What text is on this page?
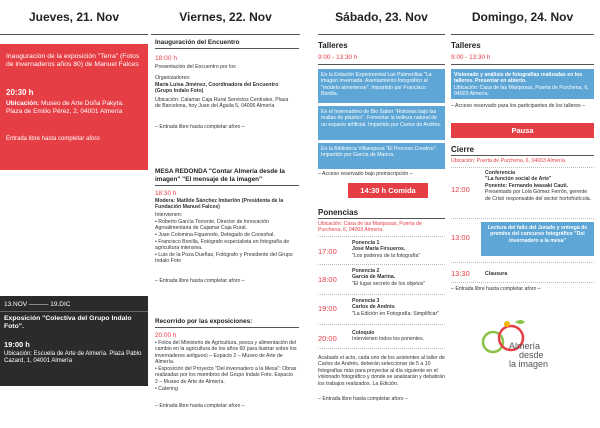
Jueves, 21. Nov
Inauguración de la exposición "Terra" (Fotos de invernaderos años 80) de Manuel Falces
20:30 h
Ubicación: Museo de Arte Doña Pakyta. Plaza de Emilio Pérez, 2, 04001 Almería
Entrada libre hasta completar aforo
13.NOV ——— 19.DIC
Exposición "Colectiva del Grupo Indalo Foto".
19:00 h
Ubicación: Escuela de Arte de Almería. Plaza Pablo Cazard, 1, 04001 Almería
Viernes, 22. Nov
Inauguración del Encuentro
18:00 h
Presentación del Encuentro por los
Organizadores:
María Luisa Jiménez, Coordinadora del Encuentro (Grupo Indalo Foto)
Ubicación: Calamar Caja Rural Servicios Centrales, Plaza de Barcelona, hoy Juan del Águila 5, 04006 Almería
– Entrada libre hasta completar aforo –
MESA REDONDA "Contar Almería desde la imagen" "El mensaje de la imagen"
18:30 h
Modera: Matilde Sánchez Imberlón (Presidenta de la Fundación Manuel Falces)
Intervienen:
• Roberto García Torrente, Director de Innovación Agroalimentaria de Cajamar Caja Rural.
• Juan Colomina Figueredo, Delegado de Cooxohal.
• Francisco Bonilla, Fotógrafo especialista en fotografía de agricultura intensiva.
• Luis de la Poza Dueñas, Fotógrafo y Presidente del Grupo Indalo Foto
– Entrada libre hasta completar aforo –
Recorrido por las exposiciones:
20:00 h
• Fotos del Ministerio de Agricultura, pesca y alimentación del cambio en la agricultura de los años 60 para ilustrar sobre los invernaderos antiguos) – Espacio 2 – Museo de Arte de Almería.
• Exposición del Proyecto "Del invernadero a la Mesa": Obras realizadas por los miembros del Grupo Indalo Foto. Espacio 2 – Museo de Arte de Almería.
• Catering
– Entrada libre hasta completar aforo –
Sábado, 23. Nov
Talleres
9:00 - 13:30 h
En la Estación Experimental Las Palmerillas "La imagen invernada. Aventamiento fotográfico al "modelo almeriense". Impartido por Francisco Bonilla.
En el Invernadero de Bio Sabor "Historias bajo las mallas de plástico". Fomentar la belleza natural de un espacio artificial. Impartido por Carlos de Andrés.
En la Biblioteca Villaespesa "El Proceso Creativo". Impartido por García de Marina.
– Acceso reservado bajo preinscripción –
14:30 h Comida
Ponencias
Ubicación: Casa de las Mariposas, Puerta de Purchena, 6, 04003 Almería.
17:00
Ponencia 1
José María Firsueros.
"Los poderes de la fotografía"
18:00
Ponencia 2
García de Marina.
"El lugar secreto de los objetos"
19:00
Ponencia 3
Carlos de Andrés
"La Edición en Fotografía: Simplificar"
20:00
Coloquio
Intervienen todos los ponentes.
Acabado el acto, cada uno de los asistentes al taller de Carlos de Andrés, deberán seleccionar de 5 a 10 fotografías más para proyectar al día siguiente en el visionado fotográfico y donde se analizarán y debatirán los trabajos realizados. La Edición.
– Entrada libre hasta completar aforo –
Domingo, 24. Nov
Talleres
9:00 - 13:30 h
Visionado y análisis de fotografías realizadas en los talleres. Presentar en abierto.
Ubicación: Casa de las Mariposas, Puerta de Purchena, 6, 04003 Almería.
– Acceso reservado para los participantes de los talleres –
Pausa
Cierre
Ubicación: Puerta de Purchena, 6, 04003 Almería.
12:00
Conferencia
"La función social de Arte"
Ponente: Fernando Iwasaki Cauti.
Presentado por Lola Gómez Ferrón, gerente de Crisó responsable del sector hortofrutícola.
13:00
Lectura del fallo del Jurado y entrega de premios del concurso fotográfico "Del invernadero a la mesa"
13:30	Clausura
– Entrada libre hasta completar aforo –
Almería
desde
la imagen
